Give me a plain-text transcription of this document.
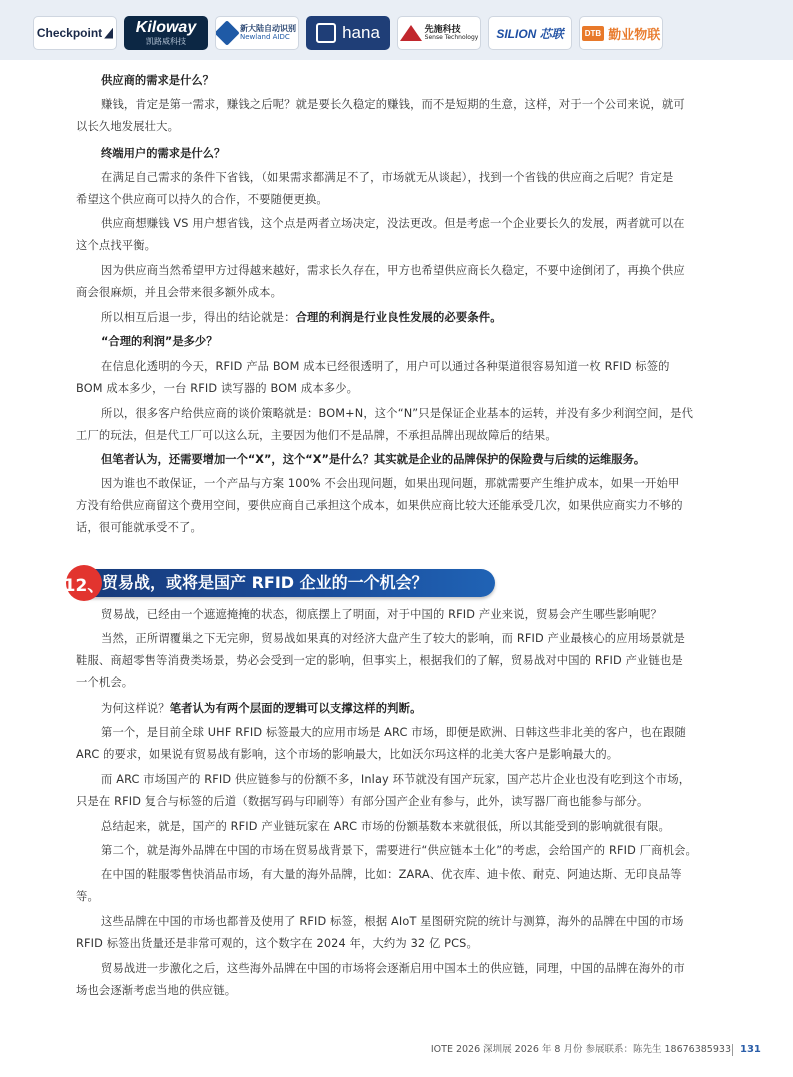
Checkpoint Kiloway
凯路威科技
新大陆自动识别
Newland AIDC	hana	先施科技
Sense Technology SILION 芯联	DTB 勤业物联

供应商的需求是什么？

赚钱，肯定是第一需求，赚钱之后呢？就是要长久稳定的赚钱，而不是短期的生意，这样，对于一个公司来说，就可
以长久地发展壮大。

终端用户的需求是什么？

在满足自己需求的条件下省钱，（如果需求都满足不了，市场就无从谈起），找到一个省钱的供应商之后呢？肯定是
希望这个供应商可以持久的合作，不要随便更换。

供应商想赚钱 VS 用户想省钱，这个点是两者立场决定，没法更改。但是考虑一个企业要长久的发展，两者就可以在
这个点找平衡。

因为供应商当然希望甲方过得越来越好，需求长久存在，甲方也希望供应商长久稳定，不要中途倒闭了，再换个供应
商会很麻烦，并且会带来很多额外成本。

所以相互后退一步，得出的结论就是：合理的利润是行业良性发展的必要条件。

“合理的利润”是多少？

在信息化透明的今天，RFID 产品 BOM 成本已经很透明了，用户可以通过各种渠道很容易知道一枚 RFID 标签的
BOM 成本多少，一台 RFID 读写器的 BOM 成本多少。

所以，很多客户给供应商的谈价策略就是：BOM+N，这个“N”只是保证企业基本的运转，并没有多少利润空间，是代
工厂的玩法，但是代工厂可以这么玩，主要因为他们不是品牌，不承担品牌出现故障后的结果。

但笔者认为，还需要增加一个“X”，这个“X”是什么？其实就是企业的品牌保护的保险费与后续的运维服务。

因为谁也不敢保证，一个产品与方案 100% 不会出现问题，如果出现问题，那就需要产生维护成本，如果一开始甲
方没有给供应商留这个费用空间，要供应商自己承担这个成本，如果供应商比较大还能承受几次，如果供应商实力不够的
话，很可能就承受不了。

12、
贸易战，或将是国产 RFID 企业的一个机会？

贸易战，已经由一个遮遮掩掩的状态，彻底摆上了明面，对于中国的 RFID 产业来说，贸易会产生哪些影响呢？

当然，正所谓覆巢之下无完卵，贸易战如果真的对经济大盘产生了较大的影响，而 RFID 产业最核心的应用场景就是
鞋服、商超零售等消费类场景，势必会受到一定的影响，但事实上，根据我们的了解，贸易战对中国的 RFID 产业链也是
一个机会。

为何这样说？笔者认为有两个层面的逻辑可以支撑这样的判断。

第一个，是目前全球 UHF RFID 标签最大的应用市场是 ARC 市场，即便是欧洲、日韩这些非北美的客户，也在跟随
ARC 的要求，如果说有贸易战有影响，这个市场的影响最大，比如沃尔玛这样的北美大客户是影响最大的。

而 ARC 市场国产的 RFID 供应链参与的份额不多，Inlay 环节就没有国产玩家，国产芯片企业也没有吃到这个市场，
只是在 RFID 复合与标签的后道（数据写码与印刷等）有部分国产企业有参与，此外，读写器厂商也能参与部分。

总结起来，就是，国产的 RFID 产业链玩家在 ARC 市场的份额基数本来就很低，所以其能受到的影响就很有限。

第二个，就是海外品牌在中国的市场在贸易战背景下，需要进行“供应链本土化”的考虑，会给国产的 RFID 厂商机会。

在中国的鞋服零售快消品市场，有大量的海外品牌，比如：ZARA、优衣库、迪卡侬、耐克、阿迪达斯、无印良品等
等。

这些品牌在中国的市场也都普及使用了 RFID 标签，根据 AIoT 星图研究院的统计与测算，海外的品牌在中国的市场
RFID 标签出货量还是非常可观的，这个数字在 2024 年，大约为 32 亿 PCS。

贸易战进一步激化之后，这些海外品牌在中国的市场将会逐渐启用中国本土的供应链，同理，中国的品牌在海外的市
场也会逐渐考虑当地的供应链。

IOTE 2026 深圳展 2026 年 8 月份 参展联系：陈先生 18676385933 131
